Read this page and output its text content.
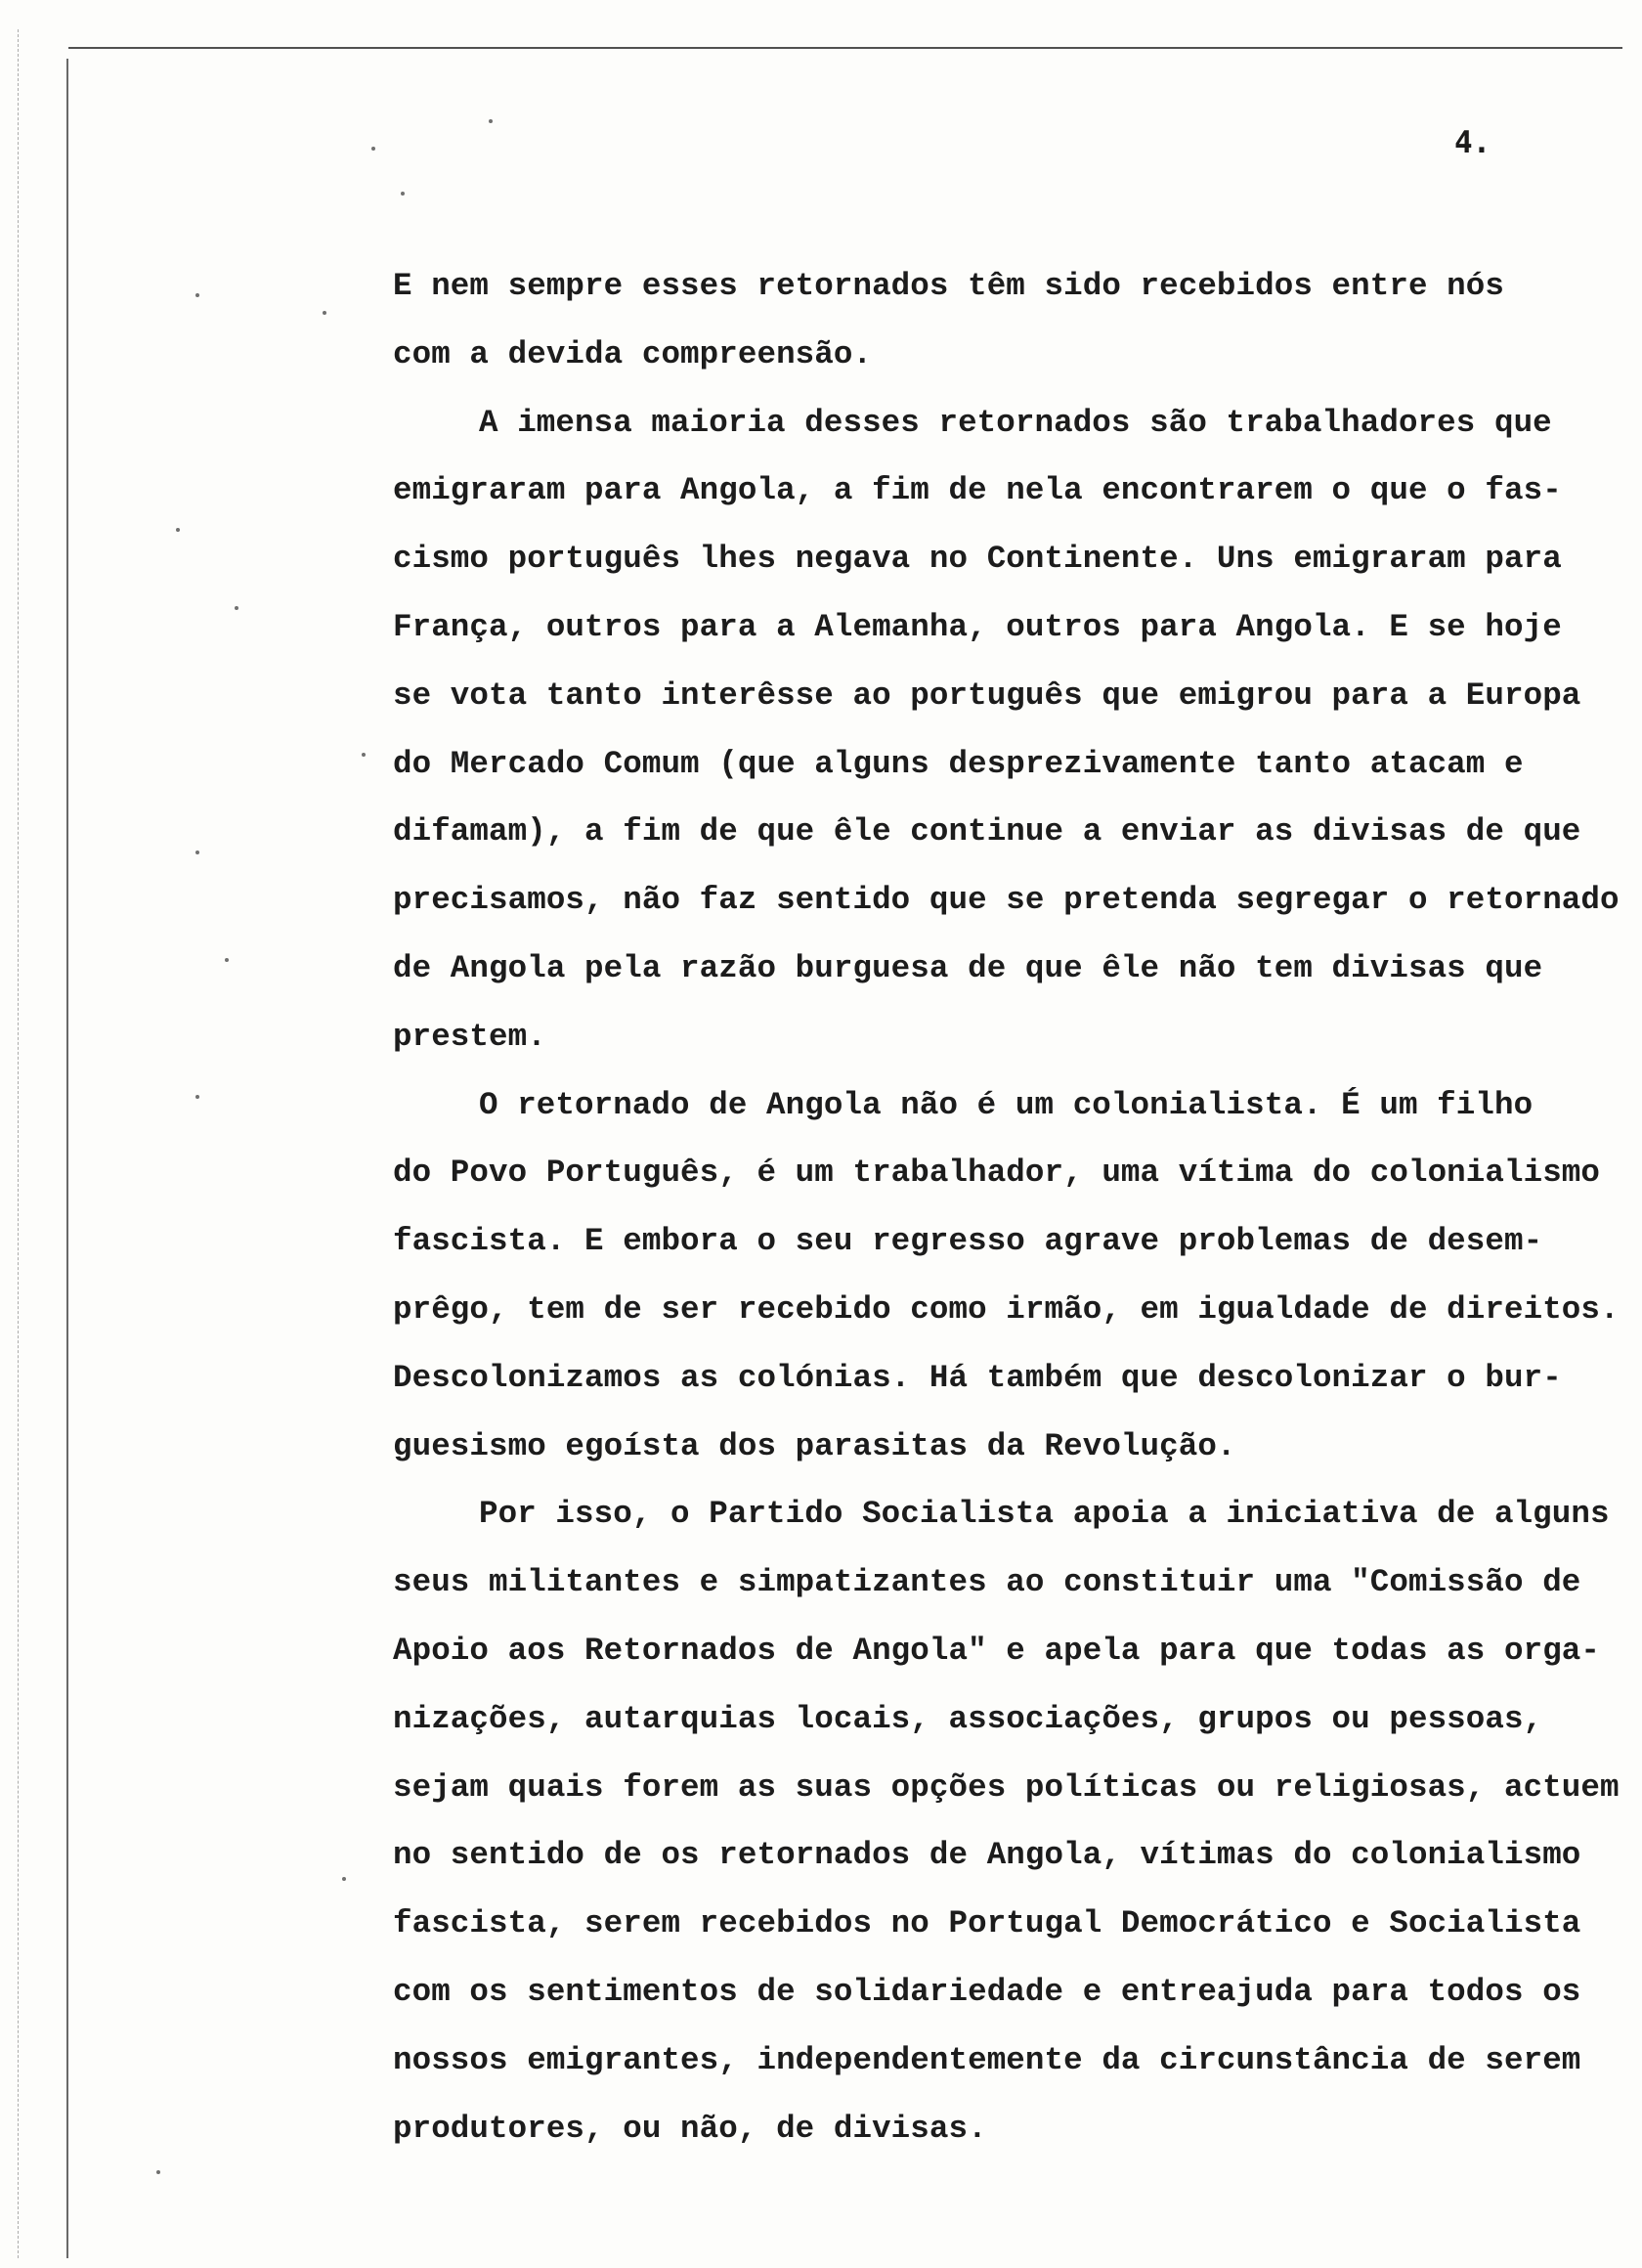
4.
E nem sempre esses retornados têm sido recebidos entre nós
com a devida compreensão.
A imensa maioria desses retornados são trabalhadores que
emigraram para Angola, a fim de nela encontrarem o que o fas-
cismo português lhes negava no Continente. Uns emigraram para
França, outros para a Alemanha, outros para Angola. E se hoje
se vota tanto interêsse ao português que emigrou para a Europa
do Mercado Comum (que alguns desprezivamente tanto atacam e
difamam), a fim de que êle continue a enviar as divisas de que
precisamos, não faz sentido que se pretenda segregar o retornado
de Angola pela razão burguesa de que êle não tem divisas que
prestem.
O retornado de Angola não é um colonialista. É um filho
do Povo Português, é um trabalhador, uma vítima do colonialismo
fascista. E embora o seu regresso agrave problemas de desem-
prêgo, tem de ser recebido como irmão, em igualdade de direitos.
Descolonizamos as colónias. Há também que descolonizar o bur-
guesismo egoísta dos parasitas da Revolução.
Por isso, o Partido Socialista apoia a iniciativa de alguns
seus militantes e simpatizantes ao constituir uma "Comissão de
Apoio aos Retornados de Angola" e apela para que todas as orga-
nizações, autarquias locais, associações, grupos ou pessoas,
sejam quais forem as suas opções políticas ou religiosas, actuem
no sentido de os retornados de Angola, vítimas do colonialismo
fascista, serem recebidos no Portugal Democrático e Socialista
com os sentimentos de solidariedade e entreajuda para todos os
nossos emigrantes, independentemente da circunstância de serem
produtores, ou não, de divisas.
